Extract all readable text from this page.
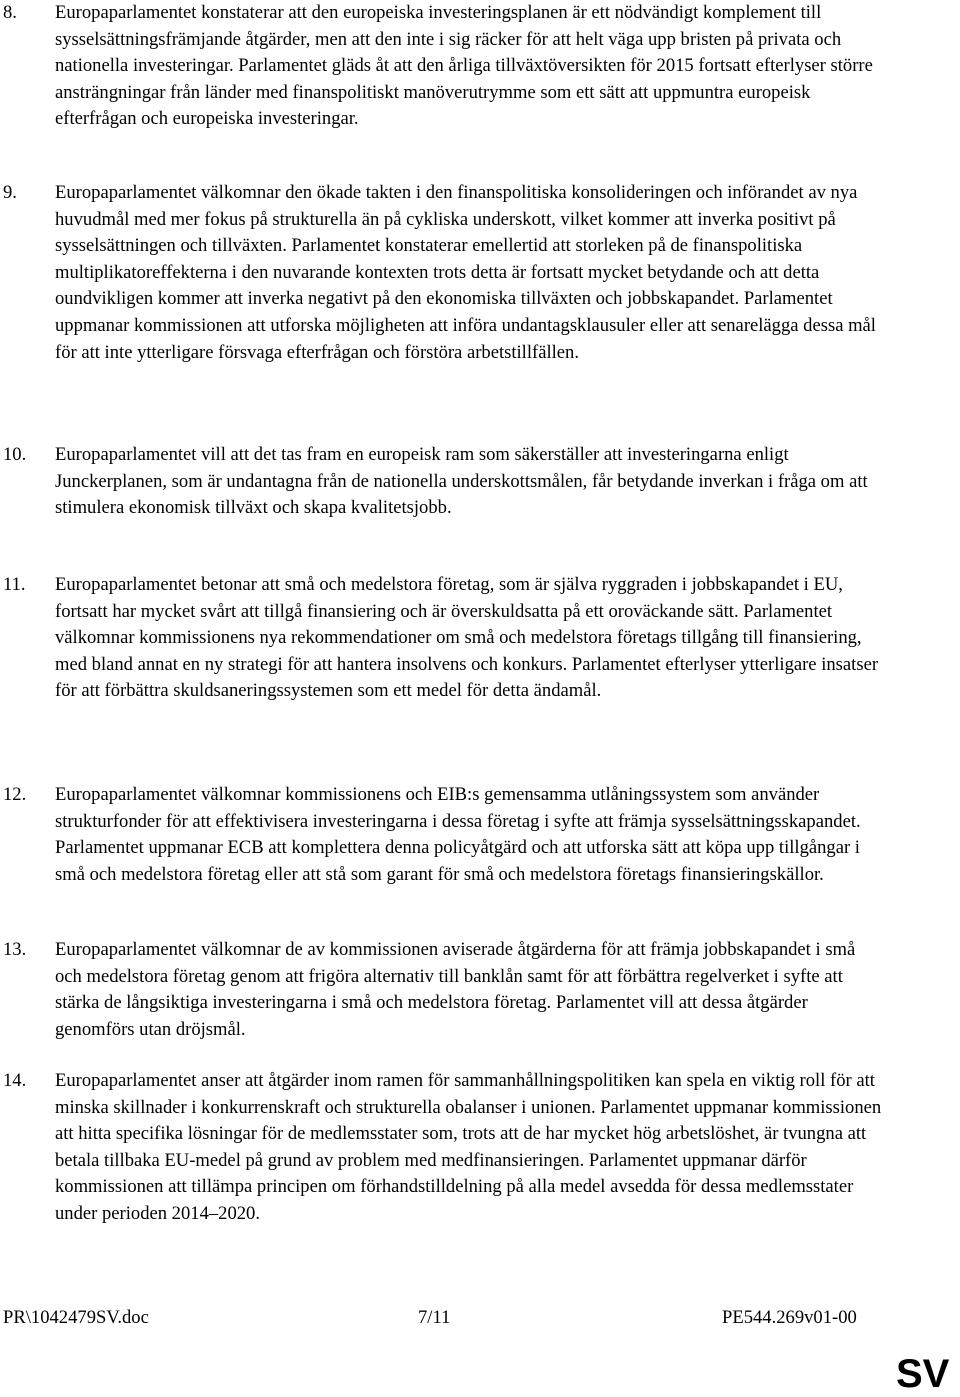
8. Europaparlamentet konstaterar att den europeiska investeringsplanen är ett nödvändigt komplement till sysselsättningsfrämjande åtgärder, men att den inte i sig räcker för att helt väga upp bristen på privata och nationella investeringar. Parlamentet gläds åt att den årliga tillväxtöversikten för 2015 fortsatt efterlyser större ansträngningar från länder med finanspolitiskt manöverutrymme som ett sätt att uppmuntra europeisk efterfrågan och europeiska investeringar.
9. Europaparlamentet välkomnar den ökade takten i den finanspolitiska konsolideringen och införandet av nya huvudmål med mer fokus på strukturella än på cykliska underskott, vilket kommer att inverka positivt på sysselsättningen och tillväxten. Parlamentet konstaterar emellertid att storleken på de finanspolitiska multiplikatoreffekterna i den nuvarande kontexten trots detta är fortsatt mycket betydande och att detta oundvikligen kommer att inverka negativt på den ekonomiska tillväxten och jobbskapandet. Parlamentet uppmanar kommissionen att utforska möjligheten att införa undantagsklausuler eller att senarelägga dessa mål för att inte ytterligare försvaga efterfrågan och förstöra arbetstillfällen.
10. Europaparlamentet vill att det tas fram en europeisk ram som säkerställer att investeringarna enligt Junckerplanen, som är undantagna från de nationella underskottsmålen, får betydande inverkan i fråga om att stimulera ekonomisk tillväxt och skapa kvalitetsjobb.
11. Europaparlamentet betonar att små och medelstora företag, som är själva ryggraden i jobbskapandet i EU, fortsatt har mycket svårt att tillgå finansiering och är överskuldsatta på ett oroväckande sätt. Parlamentet välkomnar kommissionens nya rekommendationer om små och medelstora företags tillgång till finansiering, med bland annat en ny strategi för att hantera insolvens och konkurs. Parlamentet efterlyser ytterligare insatser för att förbättra skuldsaneringssystemen som ett medel för detta ändamål.
12. Europaparlamentet välkomnar kommissionens och EIB:s gemensamma utlåningssystem som använder strukturfonder för att effektivisera investeringarna i dessa företag i syfte att främja sysselsättningsskapandet. Parlamentet uppmanar ECB att komplettera denna policyåtgärd och att utforska sätt att köpa upp tillgångar i små och medelstora företag eller att stå som garant för små och medelstora företags finansieringskällor.
13. Europaparlamentet välkomnar de av kommissionen aviserade åtgärderna för att främja jobbskapandet i små och medelstora företag genom att frigöra alternativ till banklån samt för att förbättra regelverket i syfte att stärka de långsiktiga investeringarna i små och medelstora företag. Parlamentet vill att dessa åtgärder genomförs utan dröjsmål.
14. Europaparlamentet anser att åtgärder inom ramen för sammanhållningspolitiken kan spela en viktig roll för att minska skillnader i konkurrenskraft och strukturella obalanser i unionen. Parlamentet uppmanar kommissionen att hitta specifika lösningar för de medlemsstater som, trots att de har mycket hög arbetslöshet, är tvungna att betala tillbaka EU-medel på grund av problem med medfinansieringen. Parlamentet uppmanar därför kommissionen att tillämpa principen om förhandstilldelning på alla medel avsedda för dessa medlemsstater under perioden 2014–2020.
PR\1042479SV.doc	7/11	PE544.269v01-00
SV
